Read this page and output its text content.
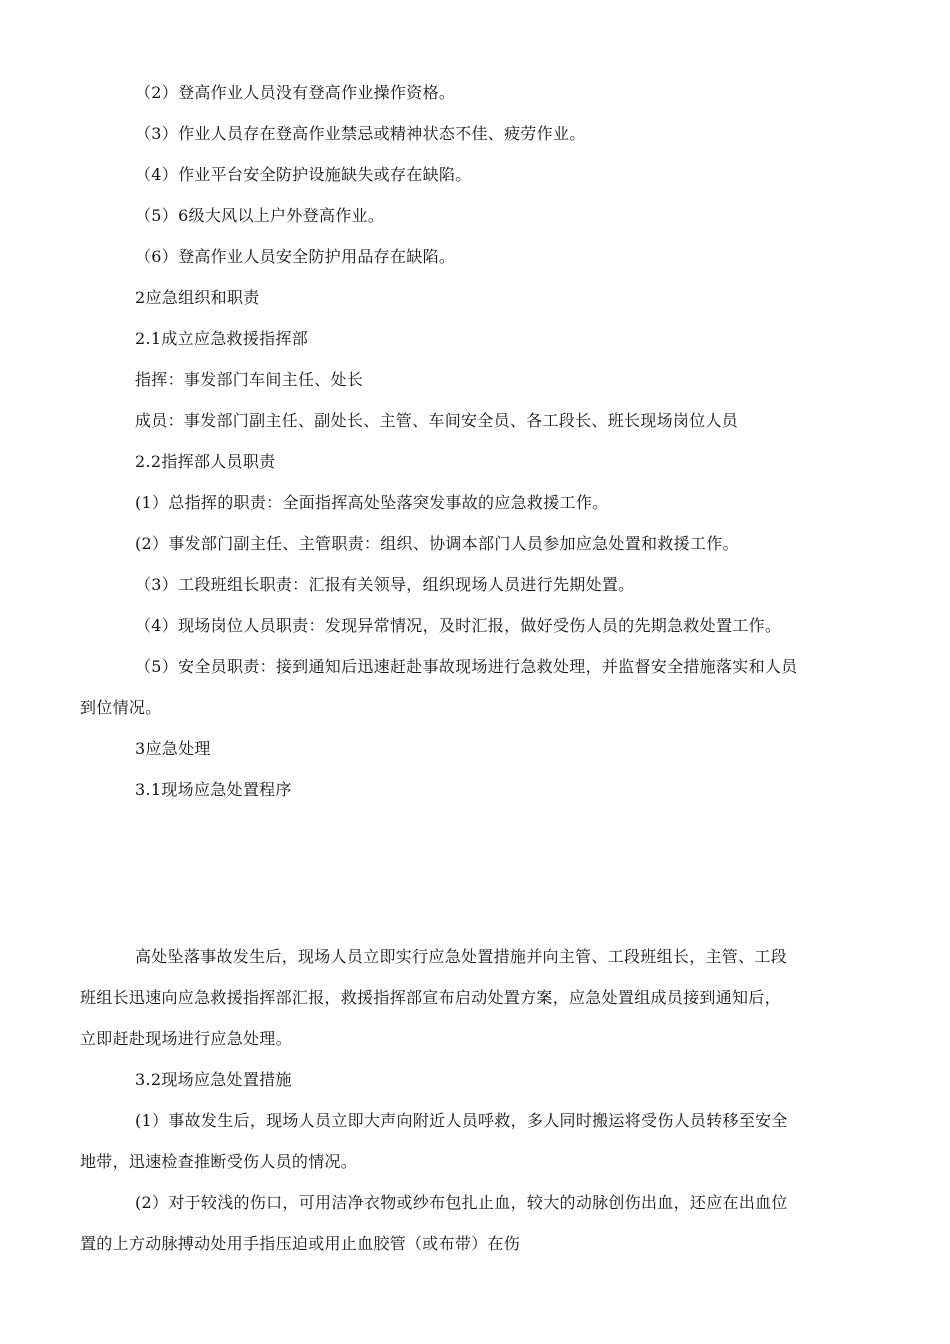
（2）登高作业人员没有登高作业操作资格。
（3）作业人员存在登高作业禁忌或精神状态不佳、疲劳作业。
（4）作业平台安全防护设施缺失或存在缺陷。
（5）6级大风以上户外登高作业。
（6）登高作业人员安全防护用品存在缺陷。
2应急组织和职责
2.1成立应急救援指挥部
指挥：事发部门车间主任、处长
成员：事发部门副主任、副处长、主管、车间安全员、各工段长、班长现场岗位人员
2.2指挥部人员职责
(1）总指挥的职责：全面指挥高处坠落突发事故的应急救援工作。
(2）事发部门副主任、主管职责：组织、协调本部门人员参加应急处置和救援工作。
（3）工段班组长职责：汇报有关领导，组织现场人员进行先期处置。
（4）现场岗位人员职责：发现异常情况，及时汇报，做好受伤人员的先期急救处置工作。
（5）安全员职责：接到通知后迅速赶赴事故现场进行急救处理，并监督安全措施落实和人员
到位情况。
3应急处理
3.1现场应急处置程序
高处坠落事故发生后，现场人员立即实行应急处置措施并向主管、工段班组长，主管、工段
班组长迅速向应急救援指挥部汇报，救援指挥部宣布启动处置方案，应急处置组成员接到通知后，
立即赶赴现场进行应急处理。
3.2现场应急处置措施
(1）事故发生后，现场人员立即大声向附近人员呼救，多人同时搬运将受伤人员转移至安全
地带，迅速检查推断受伤人员的情况。
(2）对于较浅的伤口，可用洁净衣物或纱布包扎止血，较大的动脉创伤出血，还应在出血位
置的上方动脉搏动处用手指压迫或用止血胶管（或布带）在伤
